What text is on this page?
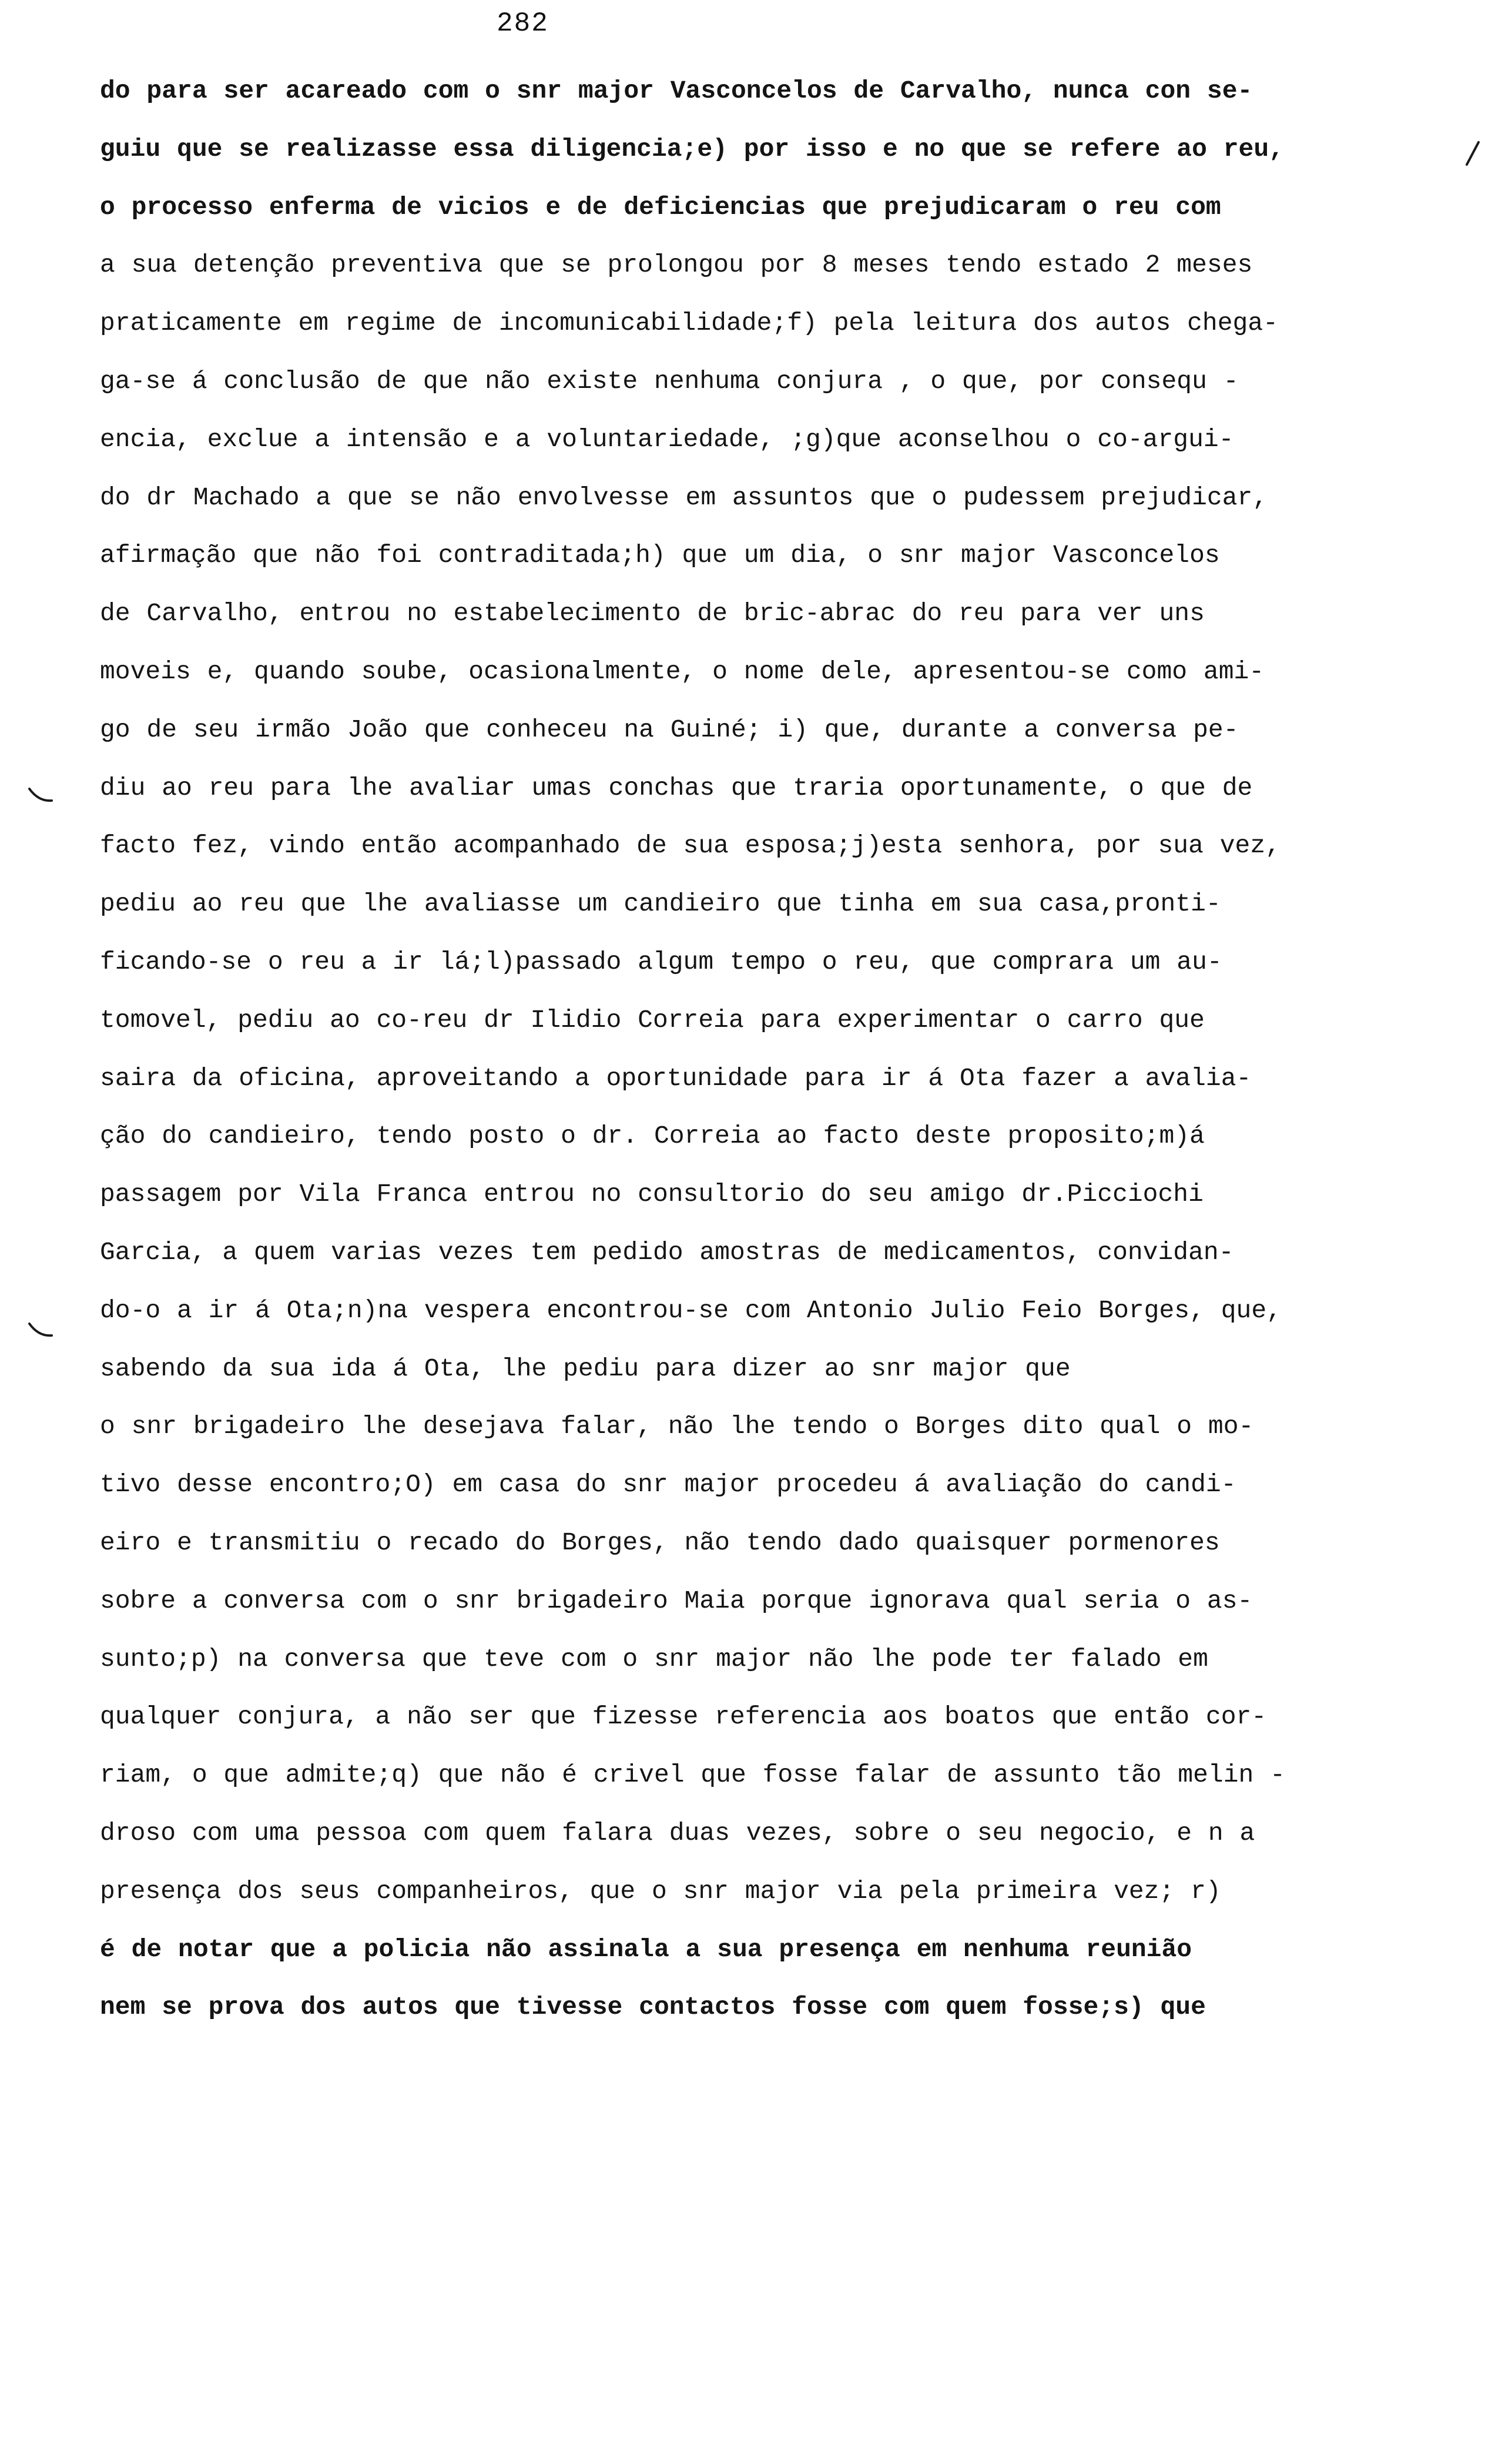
282
do para ser acareado com o snr major Vasconcelos de Carvalho, nunca con se-
guiu que se realizasse essa diligencia;e) por isso e no que se refere ao reu,
o processo enferma de vicios e de deficiencias que prejudicaram o reu com
a sua detenção preventiva que se prolongou por 8 meses tendo estado 2 meses
praticamente em regime de incomunicabilidade;f) pela leitura dos autos chega-
ga-se á conclusão de que não existe nenhuma conjura , o que, por consequ -
encia, exclue a intensão e a voluntariedade, ;g)que aconselhou o co-argui-
do dr Machado a que se não envolvesse em assuntos que o pudessem prejudicar,
afirmação que não foi contraditada;h) que um dia, o snr major Vasconcelos
de Carvalho, entrou no estabelecimento de bric-abrac do reu para ver uns
moveis e, quando soube, ocasionalmente, o nome dele, apresentou-se como ami-
go de seu irmão João que conheceu na Guiné; i) que, durante a conversa pe-
diu ao reu para lhe avaliar umas conchas que traria oportunamente, o que de
facto fez, vindo então acompanhado de sua esposa;j)esta senhora, por sua vez,
pediu ao reu que lhe avaliasse um candieiro que tinha em sua casa,pronti-
ficando-se o reu a ir lá;l)passado algum tempo o reu, que comprara um au-
tomovel, pediu ao co-reu dr Ilidio Correia para experimentar o carro que
saira da oficina, aproveitando a oportunidade para ir á Ota fazer a avalia-
ção do candieiro, tendo posto o dr. Correia ao facto deste proposito;m)á
passagem por Vila Franca entrou no consultorio do seu amigo dr.Picciochi
Garcia, a quem varias vezes tem pedido amostras de medicamentos, convidan-
do-o a ir á Ota;n)na vespera encontrou-se com Antonio Julio Feio Borges, que,
sabendo da sua ida á Ota, lhe pediu para dizer ao snr major que
o snr brigadeiro lhe desejava falar, não lhe tendo o Borges dito qual o mo-
tivo desse encontro;O) em casa do snr major procedeu á avaliação do candi-
eiro e transmitiu o recado do Borges, não tendo dado quaisquer pormenores
sobre a conversa com o snr brigadeiro Maia porque ignorava qual seria o as-
sunto;p) na conversa que teve com o snr major não lhe pode ter falado em
qualquer conjura, a não ser que fizesse referencia aos boatos que então cor-
riam, o que admite;q) que não é crivel que fosse falar de assunto tão melin -
droso com uma pessoa com quem falara duas vezes, sobre o seu negocio, e n a
presença dos seus companheiros, que o snr major via pela primeira vez; r)
é de notar que a policia não assinala a sua presença em nenhuma reunião
nem se prova dos autos que tivesse contactos fosse com quem fosse;s) que
